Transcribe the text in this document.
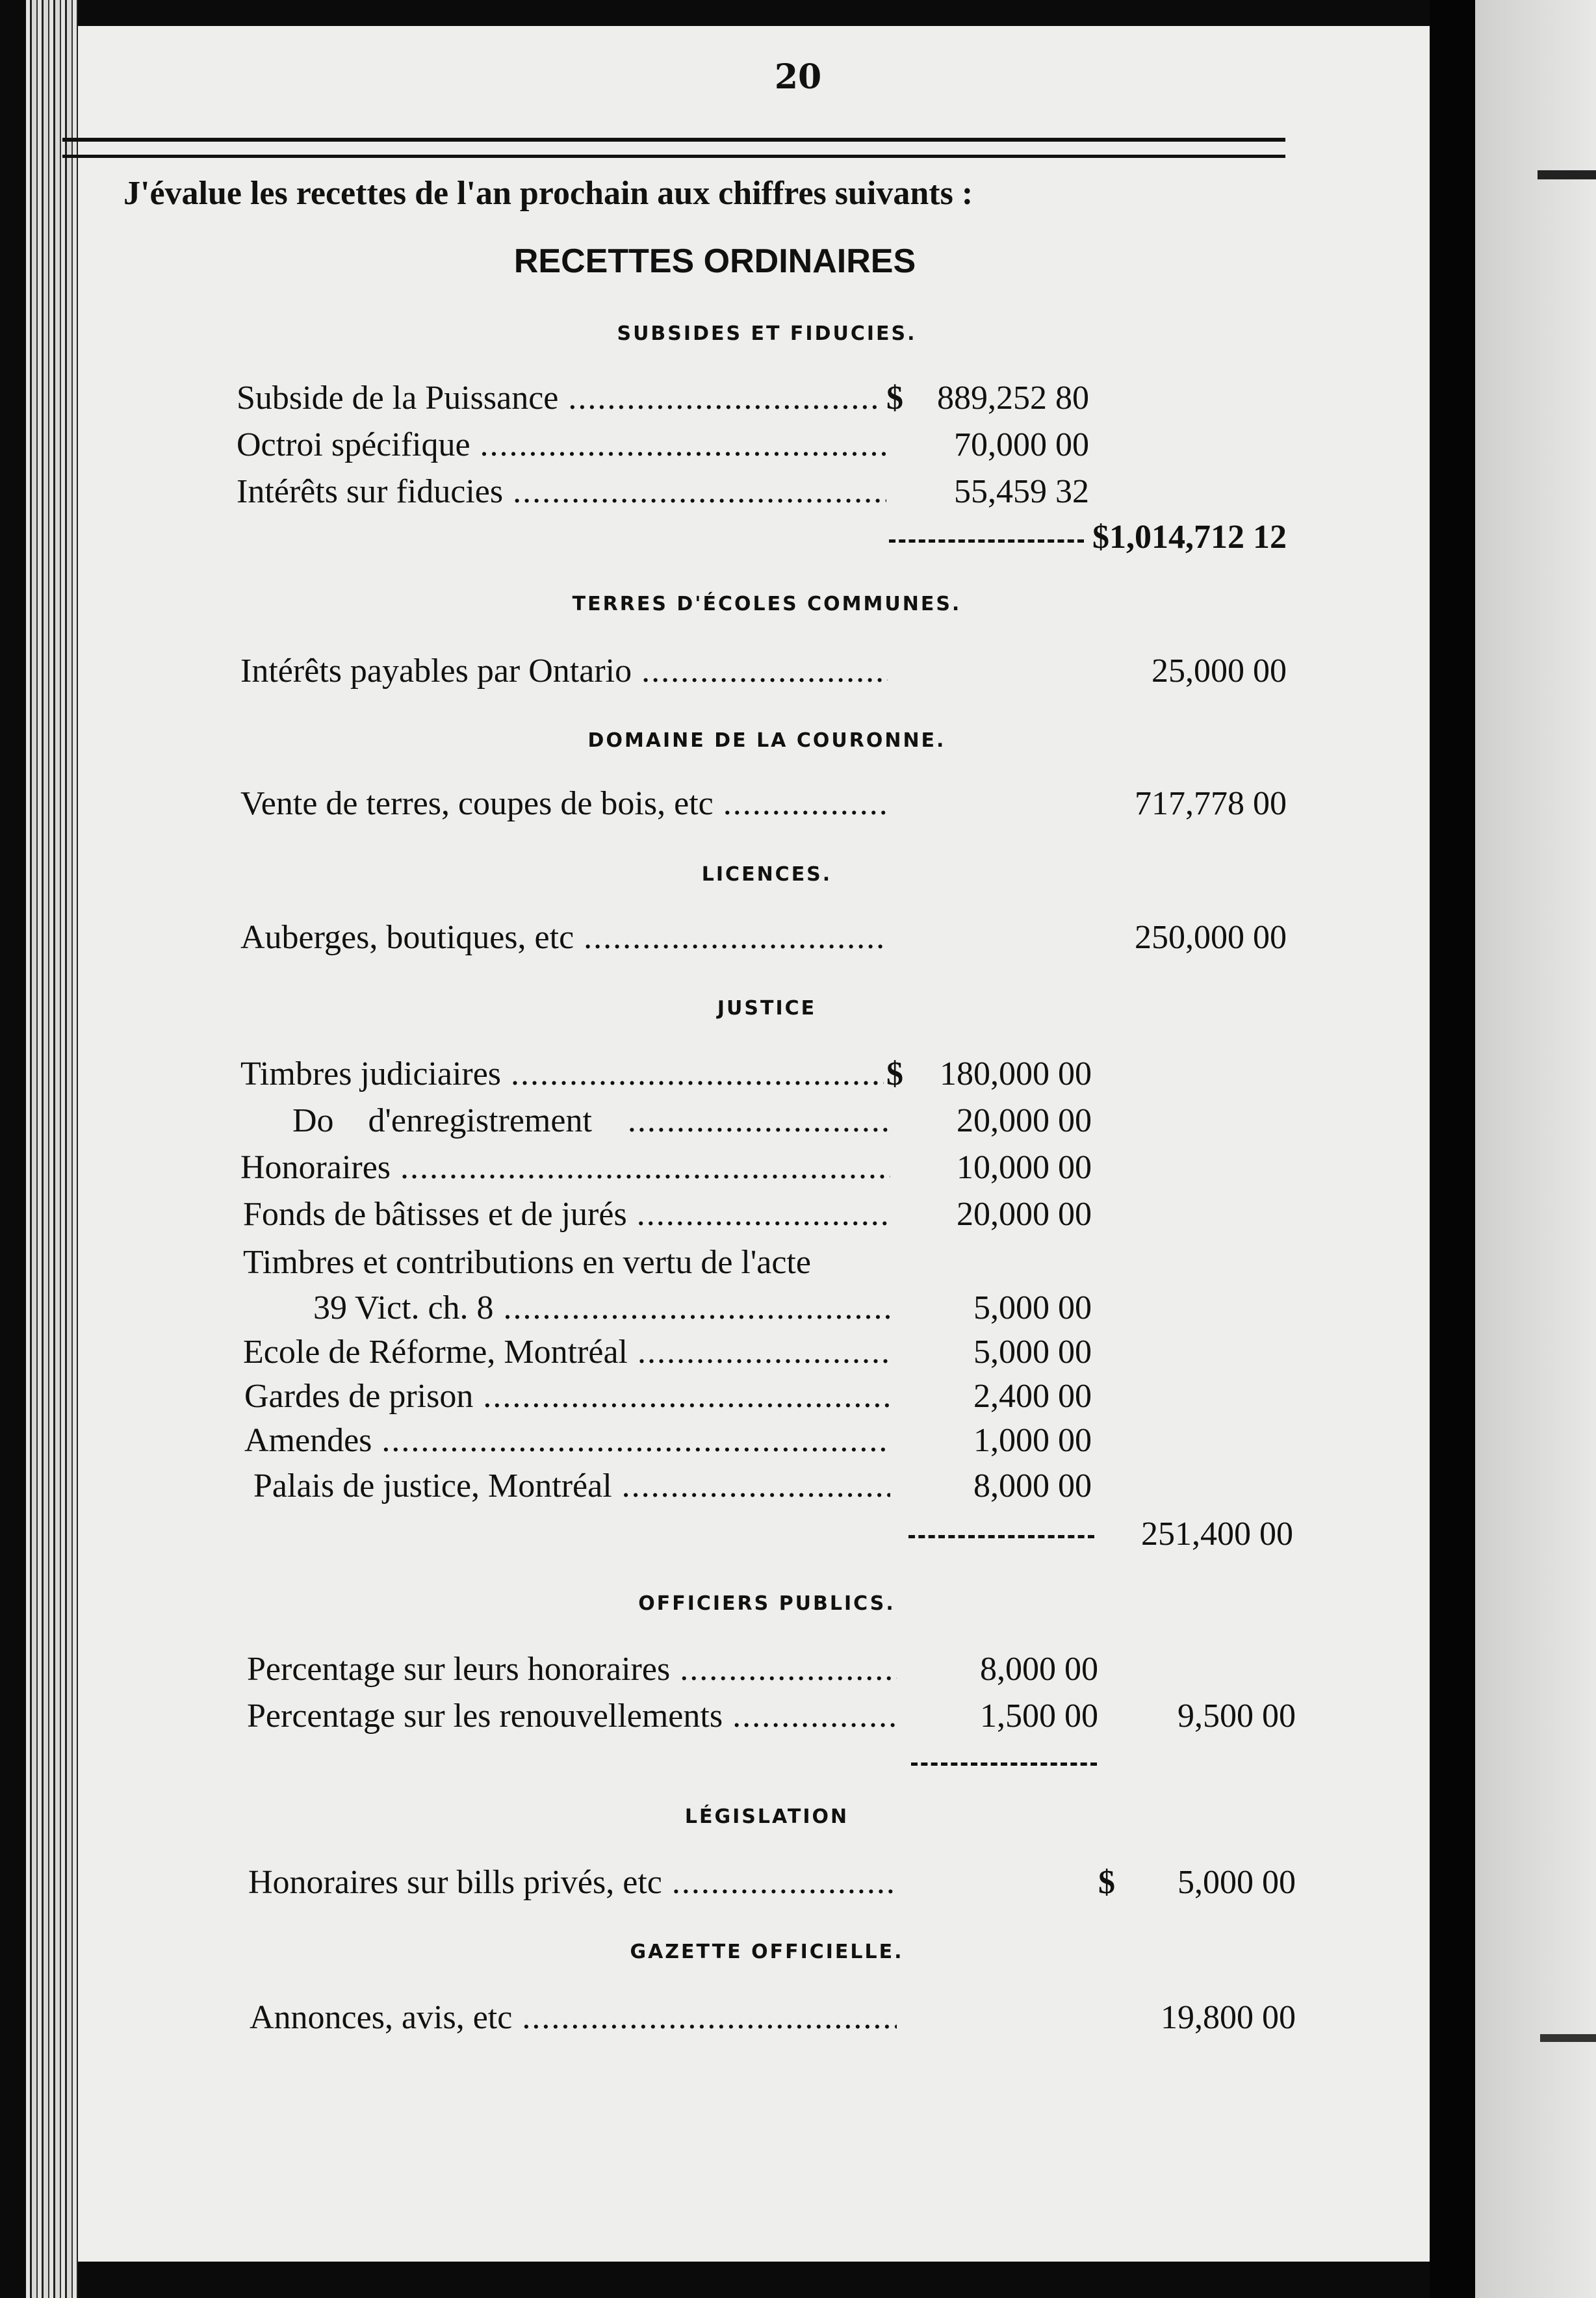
20
J'évalue les recettes de l'an prochain aux chiffres suivants :
RECETTES ORDINAIRES
SUBSIDES ET FIDUCIES.
Subside de la Puissance .....	$	889,252 80
Octroi spécifique .....	70,000 00
Intérêts sur fiducies .....	55,459 32
$1,014,712 12
TERRES D'ÉCOLES COMMUNES.
Intérêts payables par Ontario .....	25,000 00
DOMAINE DE LA COURONNE.
Vente de terres, coupes de bois, etc .....	717,778 00
LICENCES.
Auberges, boutiques, etc .....	250,000 00
JUSTICE
Timbres judiciaires .....	$	180,000 00
Do d'enregistrement .....	20,000 00
Honoraires .....	10,000 00
Fonds de bâtisses et de jurés .....	20,000 00
Timbres et contributions en vertu de l'acte
39 Vict. ch. 8 .....	5,000 00
Ecole de Réforme, Montréal .....	5,000 00
Gardes de prison .....	2,400 00
Amendes .....	1,000 00
Palais de justice, Montréal .....	8,000 00
251,400 00
OFFICIERS PUBLICS.
Percentage sur leurs honoraires .....	8,000 00
Percentage sur les renouvellements .....	1,500 00	9,500 00
LÉGISLATION
Honoraires sur bills privés, etc .....	$	5,000 00
GAZETTE OFFICIELLE.
Annonces, avis, etc .....	19,800 00
